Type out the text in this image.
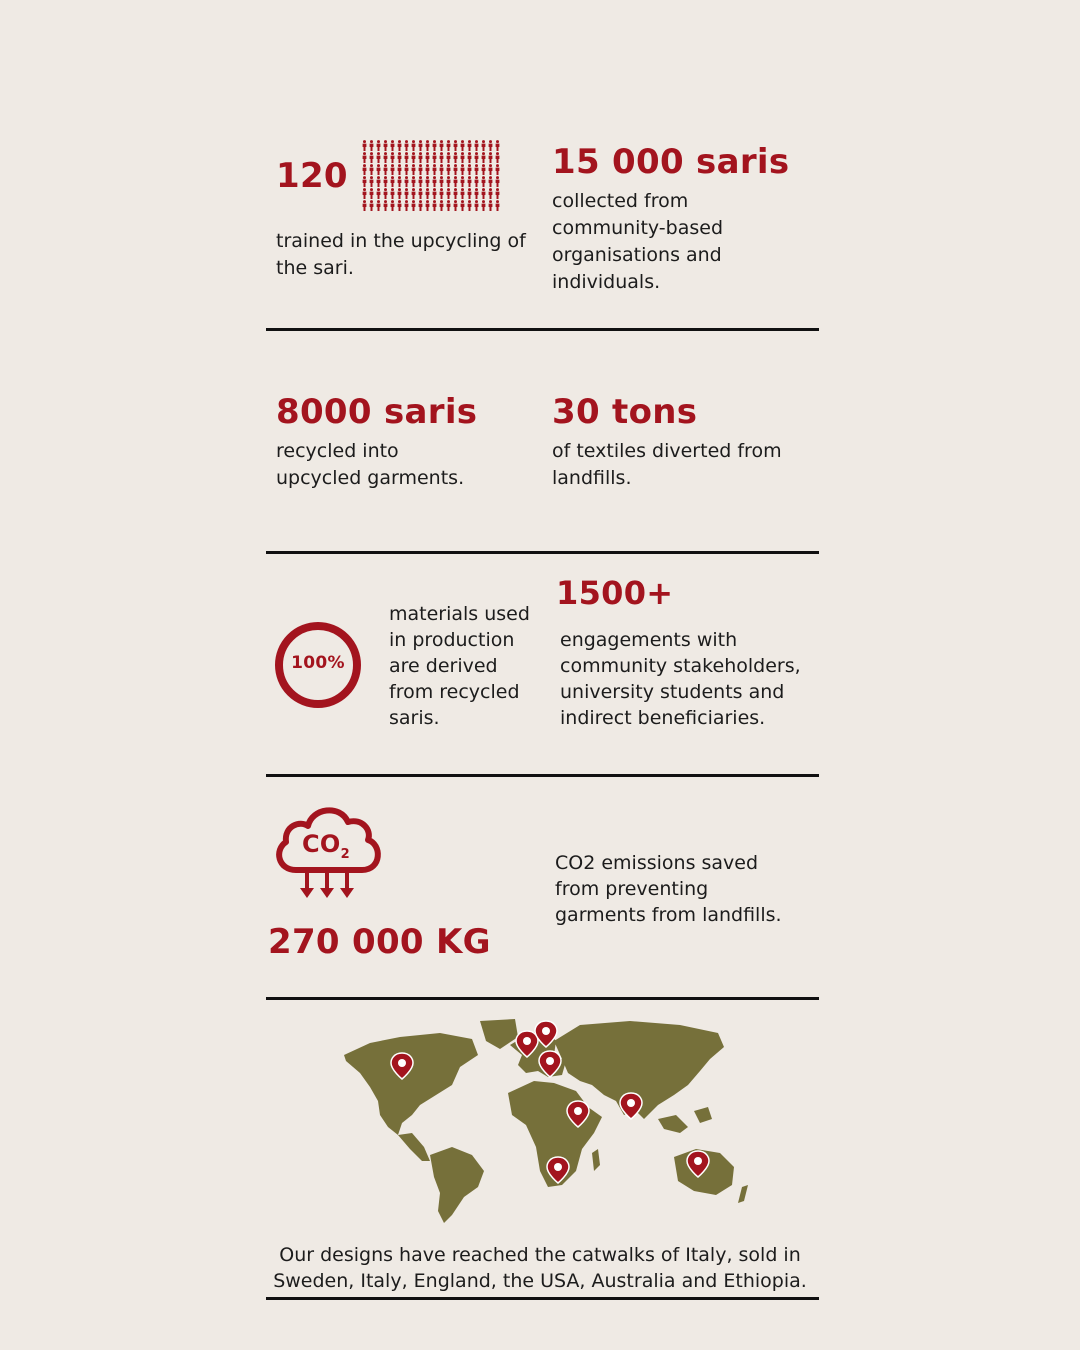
120
trained in the upcycling of the sari.
15 000 saris
collected from community-based organisations and individuals.
8000 saris
recycled into upcycled garments.
30 tons
of textiles diverted from landfills.
100%
materials used in production are derived from recycled saris.
1500+
engagements with community stakeholders, university students and indirect beneficiaries.
$CO_2$
270 000 KG
CO2 emissions saved from preventing garments from landfills.
Our designs have reached the catwalks of Italy, sold in Sweden, Italy, England, the USA, Australia and Ethiopia.
